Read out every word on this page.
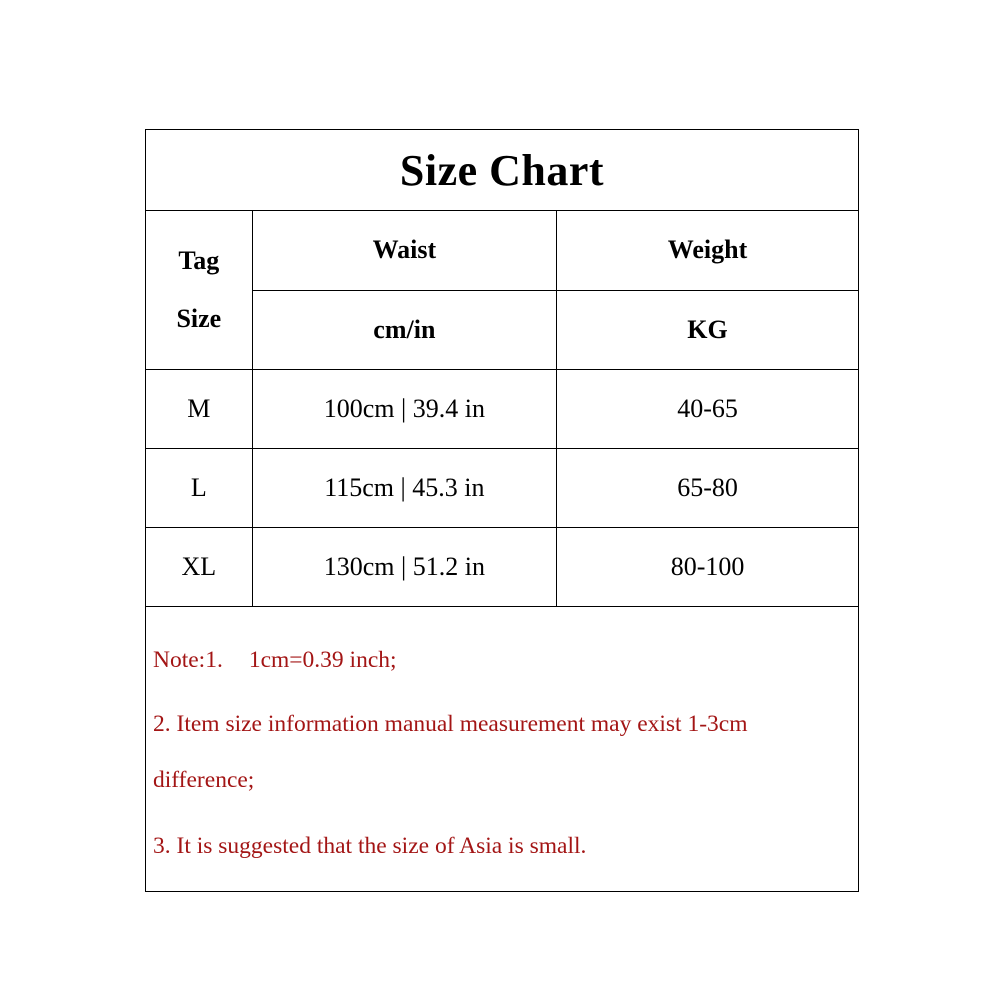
Size Chart
Tag
Size	Waist	Weight
	cm/in	KG
M	100cm | 39.4 in	40-65
L	115cm | 45.3 in	65-80
XL	130cm | 51.2 in	80-100
Note:1. 1cm=0.39 inch;
2. Item size information manual measurement may exist 1-3cm
difference;
3. It is suggested that the size of Asia is small.
